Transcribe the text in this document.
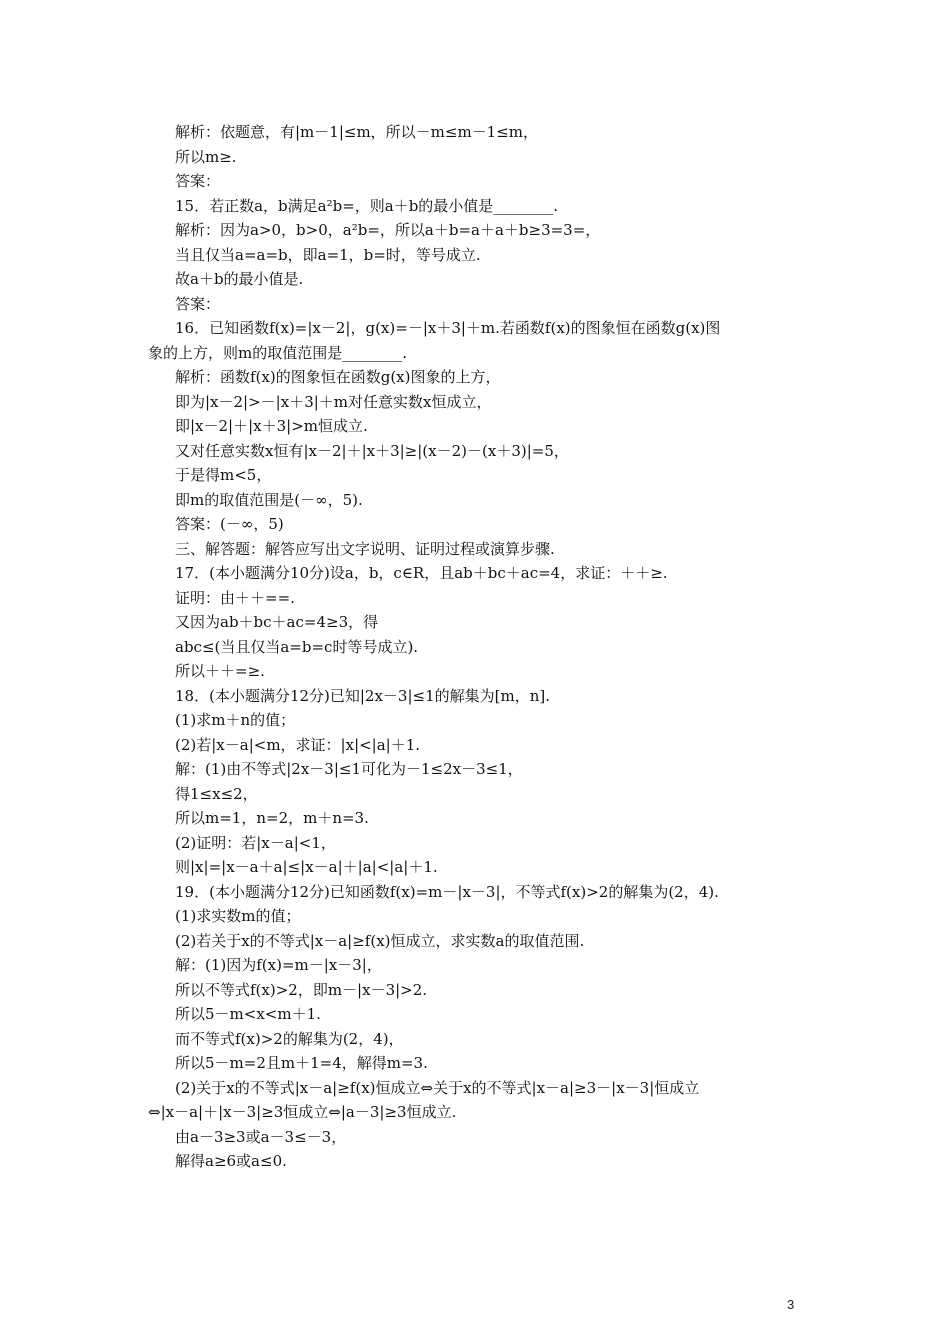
解析：依题意，有|m－1|≤m，所以－m≤m－1≤m，
所以m≥.
答案：
15．若正数a，b满足a²b=，则a＋b的最小值是________.
解析：因为a>0，b>0，a²b=，所以a＋b=a＋a＋b≥3=3=，
当且仅当a=a=b，即a=1，b=时，等号成立.
故a＋b的最小值是.
答案：
16．已知函数f(x)=|x－2|，g(x)=－|x＋3|＋m.若函数f(x)的图象恒在函数g(x)图
象的上方，则m的取值范围是________.
解析：函数f(x)的图象恒在函数g(x)图象的上方，
即为|x－2|>－|x＋3|＋m对任意实数x恒成立，
即|x－2|＋|x＋3|>m恒成立.
又对任意实数x恒有|x－2|＋|x＋3|≥|(x－2)－(x＋3)|=5，
于是得m<5，
即m的取值范围是(－∞，5).
答案：(－∞，5)
三、解答题：解答应写出文字说明、证明过程或演算步骤.
17．(本小题满分10分)设a，b，c∈R，且ab＋bc＋ac=4，求证：＋＋≥.
证明：由＋＋==.
又因为ab＋bc＋ac=4≥3，得
abc≤(当且仅当a=b=c时等号成立).
所以＋＋=≥.
18．(本小题满分12分)已知|2x－3|≤1的解集为[m，n].
(1)求m＋n的值；
(2)若|x－a|<m，求证：|x|<|a|＋1.
解：(1)由不等式|2x－3|≤1可化为－1≤2x－3≤1，
得1≤x≤2，
所以m=1，n=2，m＋n=3.
(2)证明：若|x－a|<1，
则|x|=|x－a＋a|≤|x－a|＋|a|<|a|＋1.
19．(本小题满分12分)已知函数f(x)=m－|x－3|，不等式f(x)>2的解集为(2，4).
(1)求实数m的值；
(2)若关于x的不等式|x－a|≥f(x)恒成立，求实数a的取值范围.
解：(1)因为f(x)=m－|x－3|，
所以不等式f(x)>2，即m－|x－3|>2.
所以5－m<x<m＋1.
而不等式f(x)>2的解集为(2，4)，
所以5－m=2且m＋1=4，解得m=3.
(2)关于x的不等式|x－a|≥f(x)恒成立⇔关于x的不等式|x－a|≥3－|x－3|恒成立
⇔|x－a|＋|x－3|≥3恒成立⇔|a－3|≥3恒成立.
由a－3≥3或a－3≤－3，
解得a≥6或a≤0.
3
